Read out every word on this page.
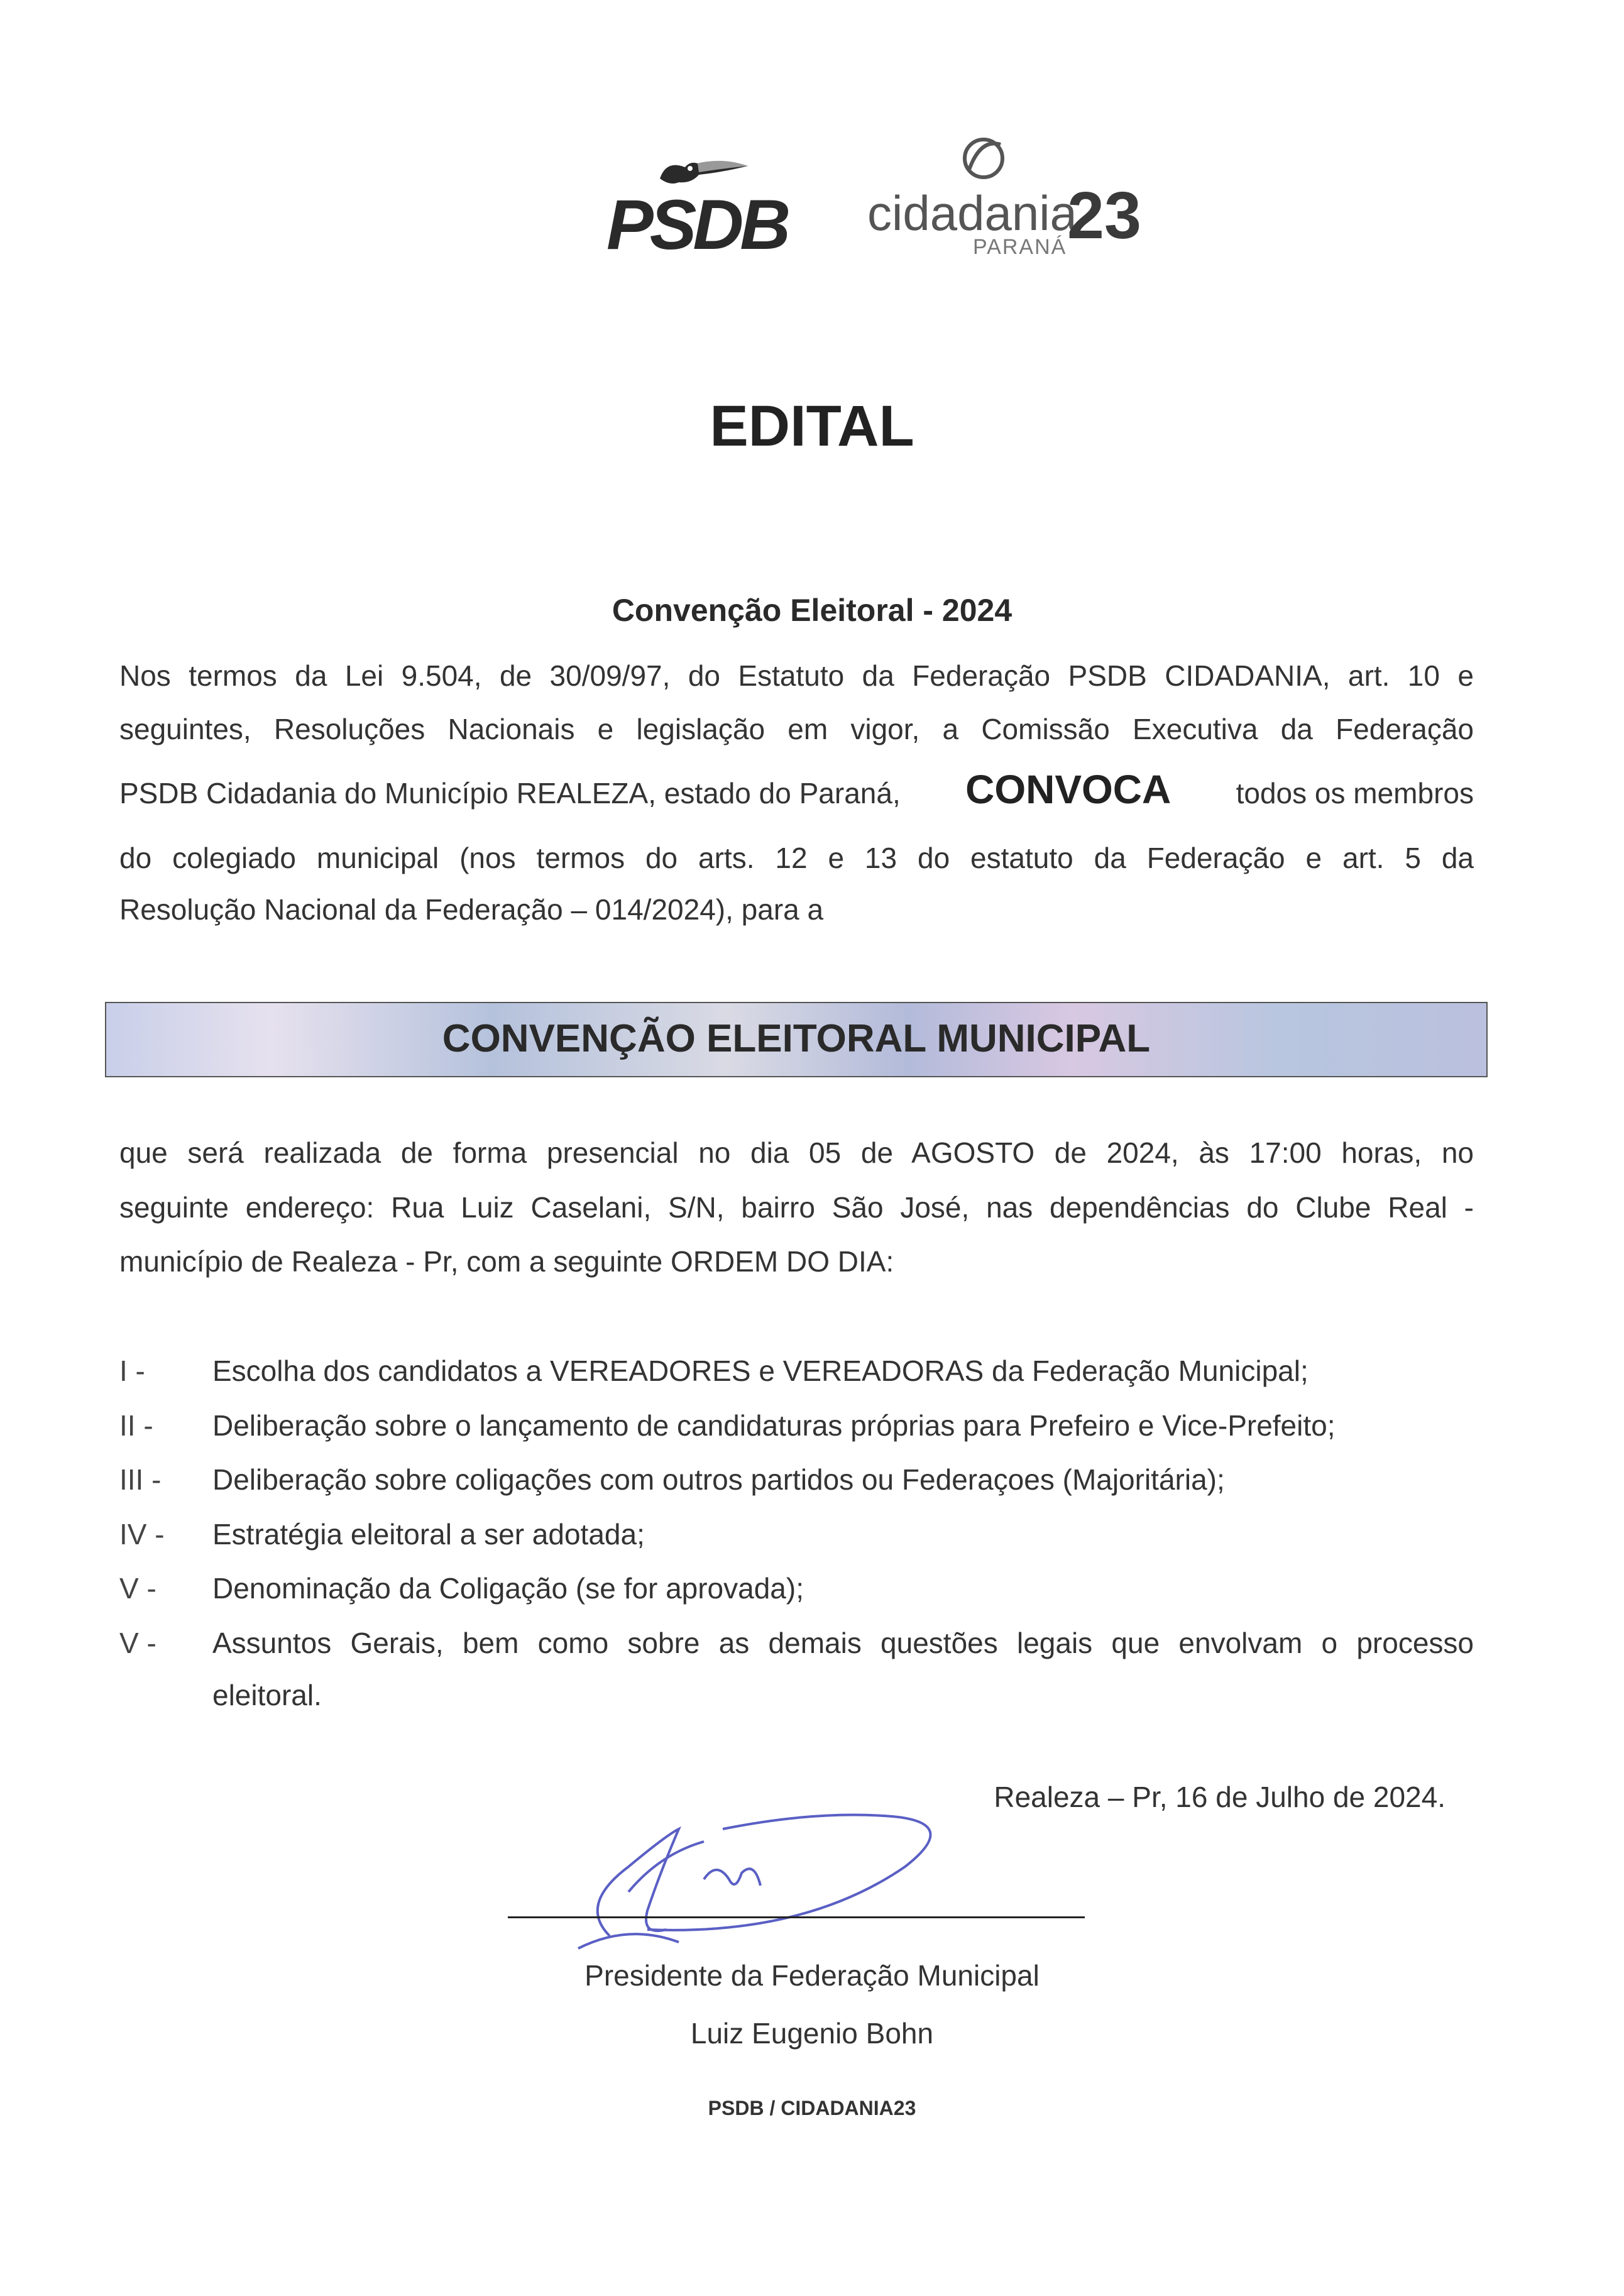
PSDB cidadania
23
PARANÁ
EDITAL
Convenção Eleitoral - 2024
Nos termos da Lei 9.504, de 30/09/97, do Estatuto da Federação PSDB CIDADANIA, art. 10 e
seguintes, Resoluções Nacionais e legislação em vigor, a Comissão Executiva da Federação
PSDB Cidadania do Município REALEZA, estado do Paraná, CONVOCA todos os membros
do colegiado municipal (nos termos do arts. 12 e 13 do estatuto da Federação e art. 5 da
Resolução Nacional da Federação – 014/2024), para a
CONVENÇÃO ELEITORAL MUNICIPAL
que será realizada de forma presencial no dia 05 de AGOSTO de 2024, às 17:00 horas, no
seguinte endereço: Rua Luiz Caselani, S/N, bairro São José, nas dependências do Clube Real -
município de Realeza - Pr, com a seguinte ORDEM DO DIA:
I - Escolha dos candidatos a VEREADORES e VEREADORAS da Federação Municipal;
II - Deliberação sobre o lançamento de candidaturas próprias para Prefeiro e Vice-Prefeito;
III - Deliberação sobre coligações com outros partidos ou Federaçoes (Majoritária);
IV - Estratégia eleitoral a ser adotada;
V - Denominação da Coligação (se for aprovada);
V - Assuntos Gerais, bem como sobre as demais questões legais que envolvam o processo
eleitoral.
Realeza – Pr, 16 de Julho de 2024.
Presidente da Federação Municipal
Luiz Eugenio Bohn
PSDB / CIDADANIA23
